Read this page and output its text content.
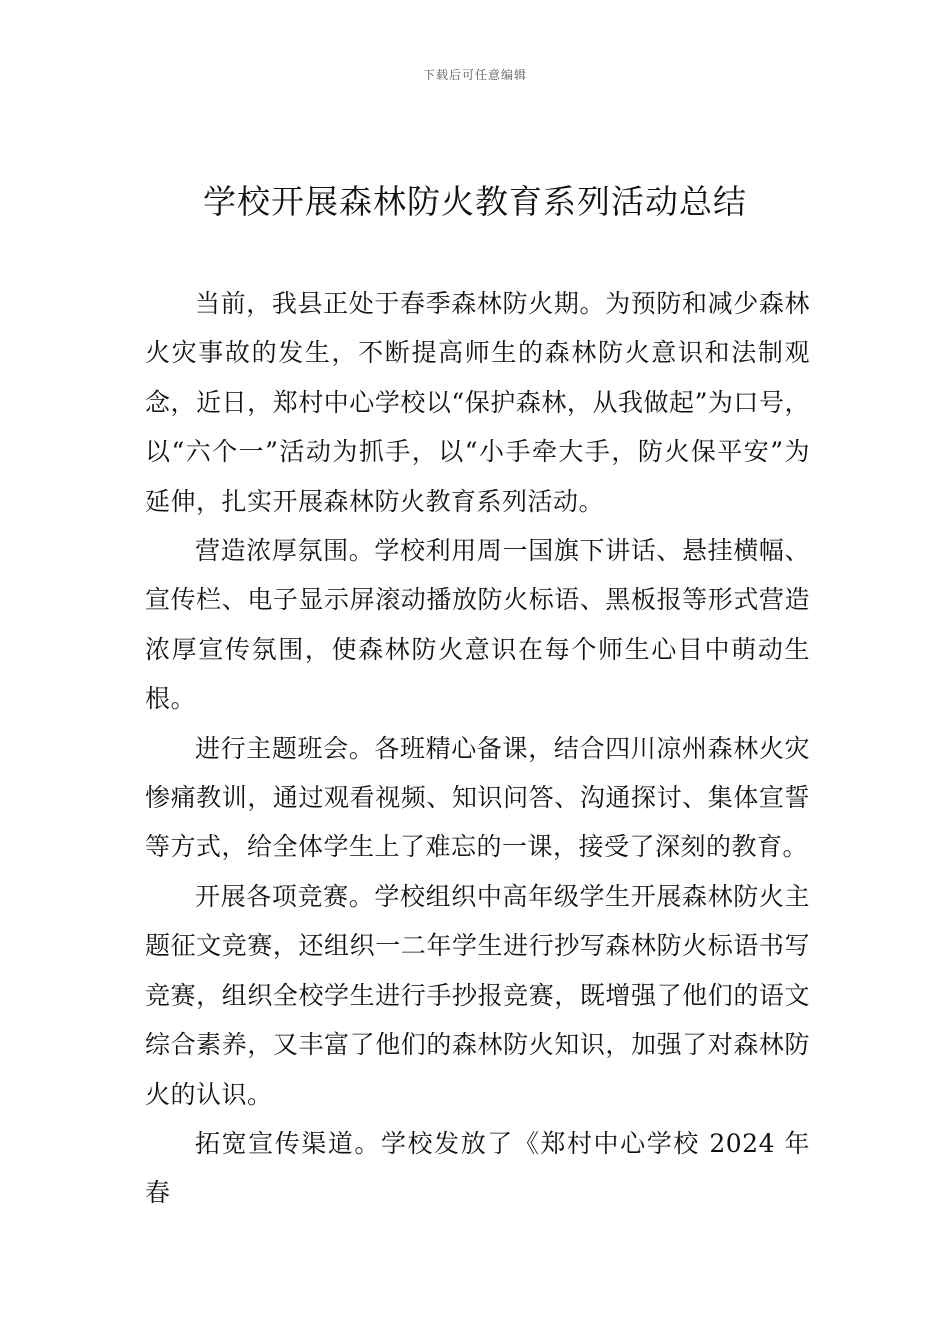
下载后可任意编辑
学校开展森林防火教育系列活动总结

当前，我县正处于春季森林防火期。为预防和减少森林火灾事故的发生，不断提高师生的森林防火意识和法制观念，近日，郑村中心学校以“保护森林，从我做起”为口号，以“六个一”活动为抓手，以“小手牵大手，防火保平安”为延伸，扎实开展森林防火教育系列活动。

营造浓厚氛围。学校利用周一国旗下讲话、悬挂横幅、宣传栏、电子显示屏滚动播放防火标语、黑板报等形式营造浓厚宣传氛围，使森林防火意识在每个师生心目中萌动生根。

进行主题班会。各班精心备课，结合四川凉州森林火灾惨痛教训，通过观看视频、知识问答、沟通探讨、集体宣誓等方式，给全体学生上了难忘的一课，接受了深刻的教育。

开展各项竞赛。学校组织中高年级学生开展森林防火主题征文竞赛，还组织一二年学生进行抄写森林防火标语书写竞赛，组织全校学生进行手抄报竞赛，既增强了他们的语文综合素养，又丰富了他们的森林防火知识，加强了对森林防火的认识。

拓宽宣传渠道。学校发放了《郑村中心学校 2024 年春
